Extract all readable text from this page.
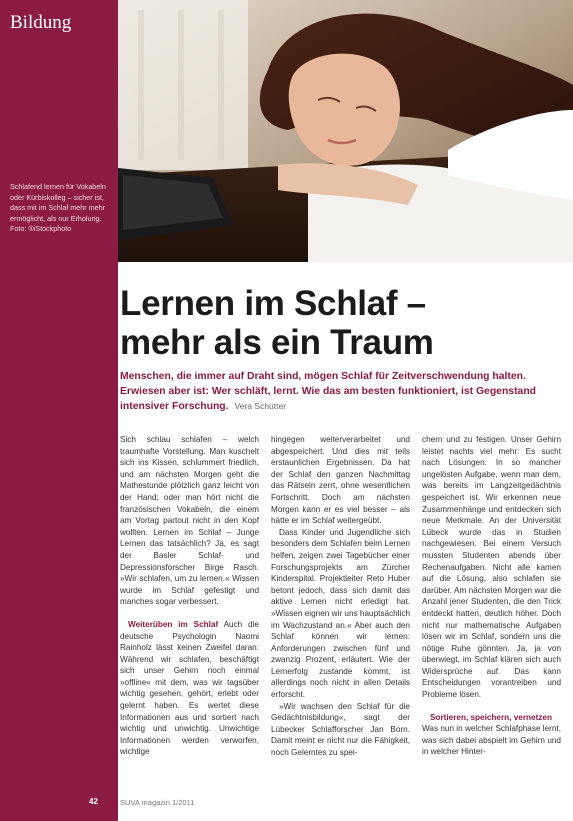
Bildung
Schlafend lernen für Vokabeln oder Kürbiskolleg – sicher ist, dass mit im Schlaf mehr mehr ermöglicht, als nur Erholung. Foto: ®iStockphoto
42
Lernen im Schlaf –
mehr als ein Traum
Menschen, die immer auf Draht sind, mögen Schlaf für Zeitverschwendung halten. Erwiesen aber ist: Wer schläft, lernt. Wie das am besten funktioniert, ist Gegenstand intensiver Forschung. Vera Schütter

Sich schlau schlafen – welch traumhafte Vorstellung. Man kuschelt sich ins Kissen, schlummert friedlich, und am nächsten Morgen geht die Mathestunde plötzlich ganz leicht von der Hand; oder man hört nicht die französischen Vokabeln, die einem am Vortag partout nicht in den Kopf wollten. Lernen im Schlaf – Junge Lernen das tatsächlich? Ja, es sagt der Basler Schlaf- und Depressionsforscher Birge Rasch. »Wir schlafen, um zu lernen.« Wissen wurde im Schlaf gefestigt und manches sogar verbessert.

Weiterüben im Schlaf Auch die deutsche Psychologin Naomi Rainholz lässt keinen Zweifel daran: Während wir schlafen, beschäftigt sich unser Gehirn noch einmal »offline« mit dem, was wir tagsüber wichtig gesehen, gehört, erlebt oder gelernt haben. Es wertet diese Informationen aus und sortiert nach wichtig und unwichtig. Unwichtige Informationen werden verworfen, wichtige

hingegen weiterverarbeitet und abgespeichert. Und dies mit teils erstaunlichen Ergebnissen. Da hat der Schlaf den ganzen Nachmittag das Rätseln zerrt, ohne wesentlichen Fortschritt. Doch am nächsten Morgen kann er es viel besser – als hätte er im Schlaf weitergeübt.

Dass Kinder und Jugendliche sich besonders dem Schlafen beim Lernen helfen, zeigen zwei Tagebücher einer Forschungsprojekts am Zürcher Kinderspital. Projektleiter Reto Huber betont jedoch, dass sich damit das aktive Lernen nicht erledigt hat. »Wissen eignen wir uns hauptsächlich im Wachzustand an.« Aber auch den Schlaf können wir lernen: Anforderungen zwischen fünf und zwanzig Prozent, erläutert. Wie der Lernerfolg zustande kommt, ist allerdings noch nicht in allen Details erforscht.

»Wir wachsen den Schlaf für die Gedächtnisbildung«, sagt der Lübecker Schlafforscher Jan Born. Damit meint er nicht nur die Fähigkeit, noch Gelerntes zu spei-

chern und zu festigen. Unser Gehirn leistet nachts viel mehr: Es sucht nach Lösungen. In so mancher ungelösten Aufgabe, wenn man dem, was bereits im Langzeitgedächtnis gespeichert ist. Wir erkennen neue Zusammenhänge und entdecken sich neue Merkmale. An der Universität Lübeck wurde das in Studien nachgewiesen. Bei einem Versuch mussten Studenten abends über Rechenaufgaben. Nicht alle kamen auf die Lösung, also schlafen sie darüber. Am nächsten Morgen war die Anzahl jener Studenten, die den Trick entdeckt hatten, deutlich höher. Doch nicht nur mathematische Aufgaben lösen wir im Schlaf, sondern uns die nötige Ruhe gönnten. Ja, ja von überwiegt, im Schlaf klären sich auch Widersprüche auf. Das kann Entscheidungen vorantreiben und Probleme lösen.

Sortieren, speichern, vernetzen

Was nun in welcher Schlafphase lernt, was sich dabei abspielt im Gehirn und in welcher Hinter-

SUVA magazin 1/2011
